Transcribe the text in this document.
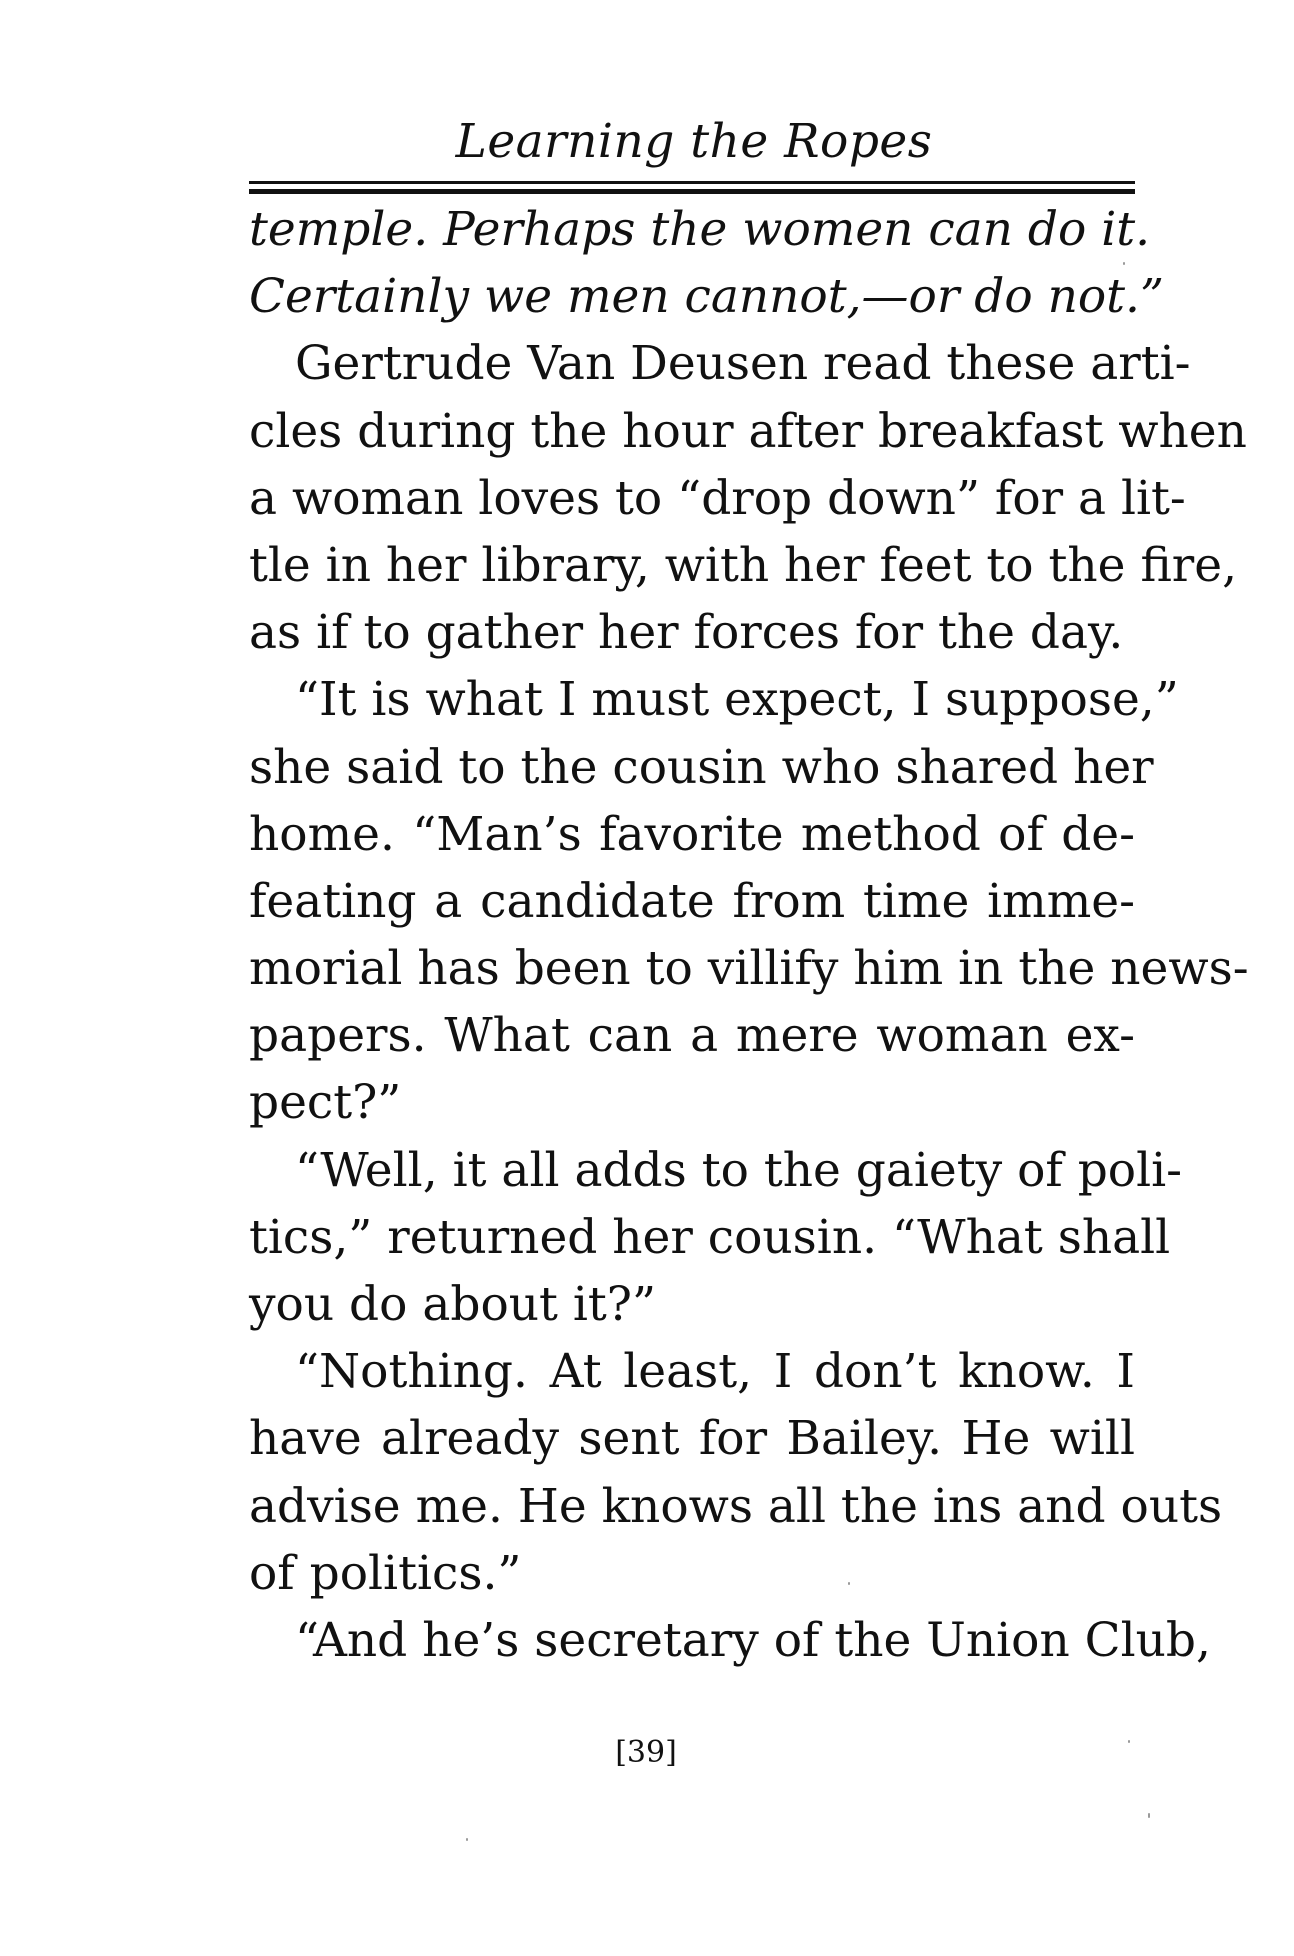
Learning the Ropes
temple. Perhaps the women can do it.
Certainly we men cannot,—or do not.”
Gertrude Van Deusen read these arti-
cles during the hour after breakfast when
a woman loves to “drop down” for a lit-
tle in her library, with her feet to the fire,
as if to gather her forces for the day.
“It is what I must expect, I suppose,”
she said to the cousin who shared her
home. “Man’s favorite method of de-
feating a candidate from time imme-
morial has been to villify him in the news-
papers. What can a mere woman ex-
pect?”
“Well, it all adds to the gaiety of poli-
tics,” returned her cousin. “What shall
you do about it?”
“Nothing. At least, I don’t know. I
have already sent for Bailey. He will
advise me. He knows all the ins and outs
of politics.”
“And he’s secretary of the Union Club,
[39]
